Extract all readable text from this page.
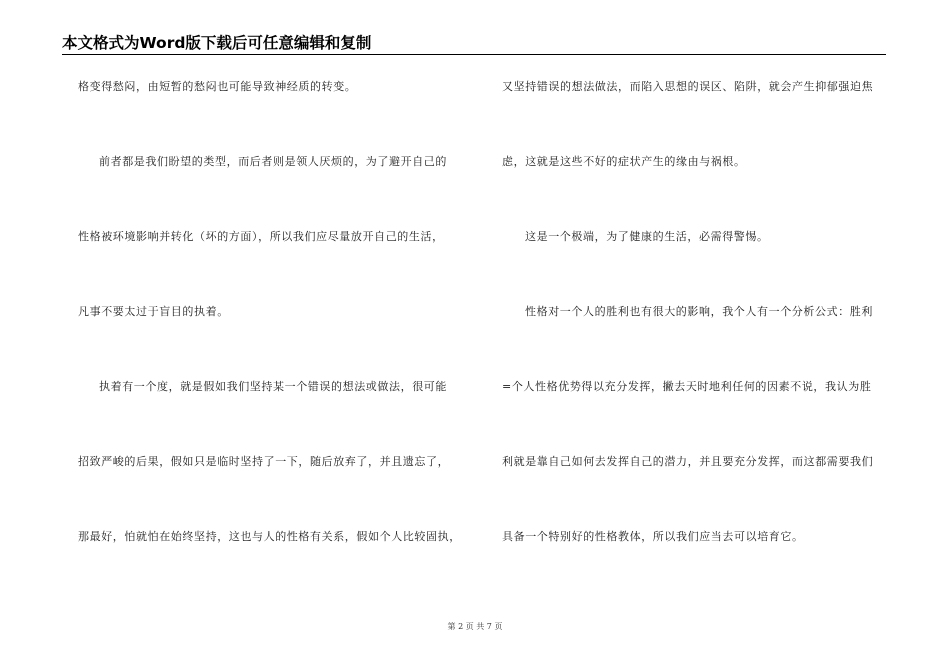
本文格式为Word版下载后可任意编辑和复制
格变得愁闷，由短暂的愁闷也可能导致神经质的转变。
前者都是我们盼望的类型，而后者则是领人厌烦的，为了避开自己的
性格被环境影响并转化（坏的方面），所以我们应尽量放开自己的生活，
凡事不要太过于盲目的执着。
执着有一个度，就是假如我们坚持某一个错误的想法或做法，很可能
招致严峻的后果，假如只是临时坚持了一下，随后放弃了，并且遗忘了，
那最好，怕就怕在始终坚持，这也与人的性格有关系，假如个人比较固执，
又坚持错误的想法做法，而陷入思想的误区、陷阱，就会产生抑郁强迫焦
虑，这就是这些不好的症状产生的缘由与祸根。
这是一个极端，为了健康的生活，必需得警惕。
性格对一个人的胜利也有很大的影响，我个人有一个分析公式：胜利
=个人性格优势得以充分发挥，撇去天时地利任何的因素不说，我认为胜
利就是靠自己如何去发挥自己的潜力，并且要充分发挥，而这都需要我们
具备一个特别好的性格教体，所以我们应当去可以培育它。
第 2 页 共 7 页
